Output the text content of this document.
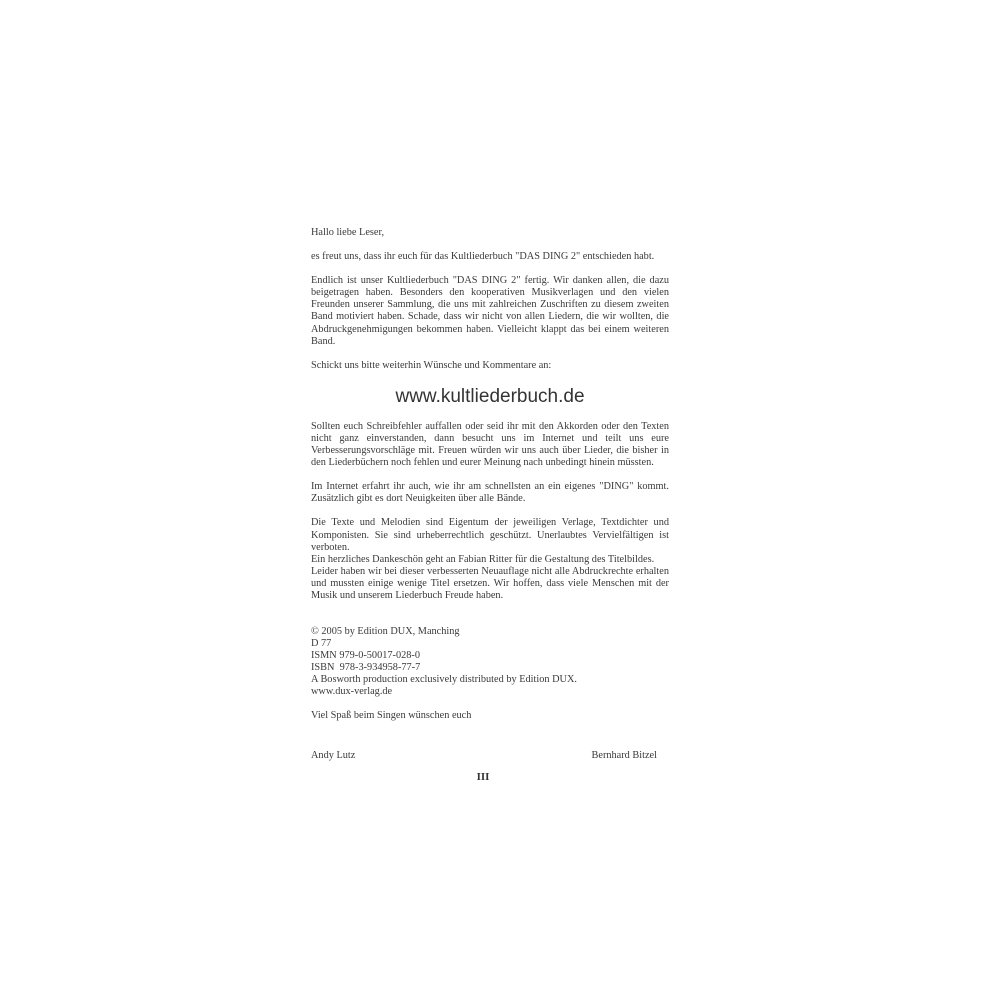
Hallo liebe Leser,

es freut uns, dass ihr euch für das Kultliederbuch "DAS DING 2" entschieden habt.

Endlich ist unser Kultliederbuch "DAS DING 2" fertig. Wir danken allen, die dazu beigetragen haben. Besonders den kooperativen Musikverlagen und den vielen Freunden unserer Sammlung, die uns mit zahlreichen Zuschriften zu diesem zweiten Band motiviert haben. Schade, dass wir nicht von allen Liedern, die wir wollten, die Abdruckgenehmigungen bekommen haben. Vielleicht klappt das bei einem weiteren Band.

Schickt uns bitte weiterhin Wünsche und Kommentare an:

www.kultliederbuch.de

Sollten euch Schreibfehler auffallen oder seid ihr mit den Akkorden oder den Texten nicht ganz einverstanden, dann besucht uns im Internet und teilt uns eure Verbesserungsvorschläge mit. Freuen würden wir uns auch über Lieder, die bisher in den Liederbüchern noch fehlen und eurer Meinung nach unbedingt hinein müssten.

Im Internet erfahrt ihr auch, wie ihr am schnellsten an ein eigenes "DING" kommt. Zusätzlich gibt es dort Neuigkeiten über alle Bände.

Die Texte und Melodien sind Eigentum der jeweiligen Verlage, Textdichter und Komponisten. Sie sind urheberrechtlich geschützt. Unerlaubtes Vervielfältigen ist verboten.

Ein herzliches Dankeschön geht an Fabian Ritter für die Gestaltung des Titelbildes.

Leider haben wir bei dieser verbesserten Neuauflage nicht alle Abdruckrechte erhalten und mussten einige wenige Titel ersetzen. Wir hoffen, dass viele Menschen mit der Musik und unserem Liederbuch Freude haben.

© 2005 by Edition DUX, Manching
D 77
ISMN 979-0-50017-028-0
ISBN  978-3-934958-77-7
A Bosworth production exclusively distributed by Edition DUX.
www.dux-verlag.de

Viel Spaß beim Singen wünschen euch

Andy Lutz	Bernhard Bitzel
III
